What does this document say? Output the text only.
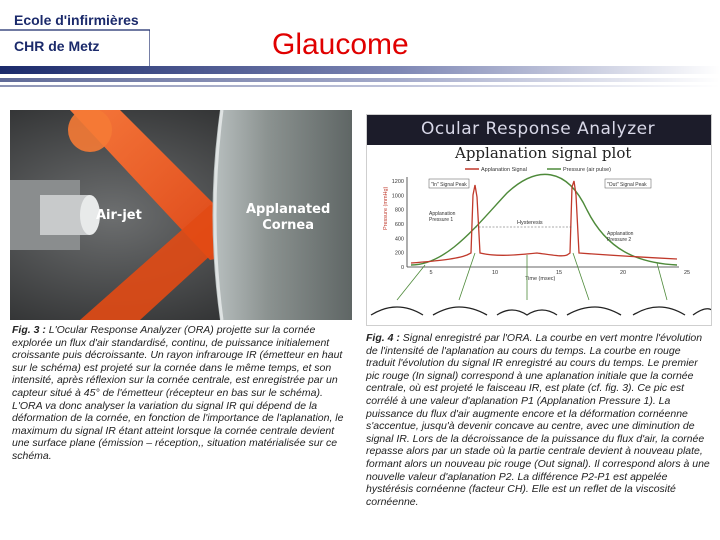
Ecole d'infirmières
CHR de Metz	Glaucome
Air-jet	Applanated
Cornea
Fig. 3 : L'Ocular Response Analyzer (ORA) projette sur la cornée explorée un flux d'air standardisé, continu, de puissance initialement croissante puis décroissante. Un rayon infrarouge IR (émetteur en haut sur le schéma) est projeté sur la cornée dans le même temps, et son intensité, après réflexion sur la cornée centrale, est enregistrée par un capteur situé à 45° de l'émetteur (récepteur en bas sur le schéma). L'ORA va donc analyser la variation du signal IR qui dépend de la déformation de la cornée, en fonction de l'importance de l'aplanation, le maximum du signal IR étant atteint lorsque la cornée centrale devient une surface plane (émission – réception,, situation matérialisée sur ce schéma.
Ocular Response Analyzer
Applanation signal plot
Applanation Signal	Pressure (air pulse)
Pressure (mmHg)
Time (msec)
1200
1000
800
600
400
200
0
5	10	15	20	25
Hysteresis
"In" Signal Peak	"Out" Signal Peak
Applanation
Pressure 1
Applanation
Pressure 2
Fig. 4 : Signal enregistré par l'ORA. La courbe en vert montre l'évolution de l'intensité de l'aplanation au cours du temps. La courbe en rouge traduit l'évolution du signal IR enregistré au cours du temps. Le premier pic rouge (In signal) correspond à une aplanation initiale que la cornée centrale, où est projeté le faisceau IR, est plate (cf. fig. 3). Ce pic est corrélé à une valeur d'aplanation P1 (Applanation Pressure 1). La puissance du flux d'air augmente encore et la déformation cornéenne s'accentue, jusqu'à devenir concave au centre, avec une diminution de signal IR. Lors de la décroissance de la puissance du flux d'air, la cornée repasse alors par un stade où la partie centrale devient à nouveau plate, formant alors un nouveau pic rouge (Out signal). Il correspond alors à une nouvelle valeur d'aplanation P2. La différence P2-P1 est appelée hystérésis cornéenne (facteur CH). Elle est un reflet de la viscosité cornéenne.
